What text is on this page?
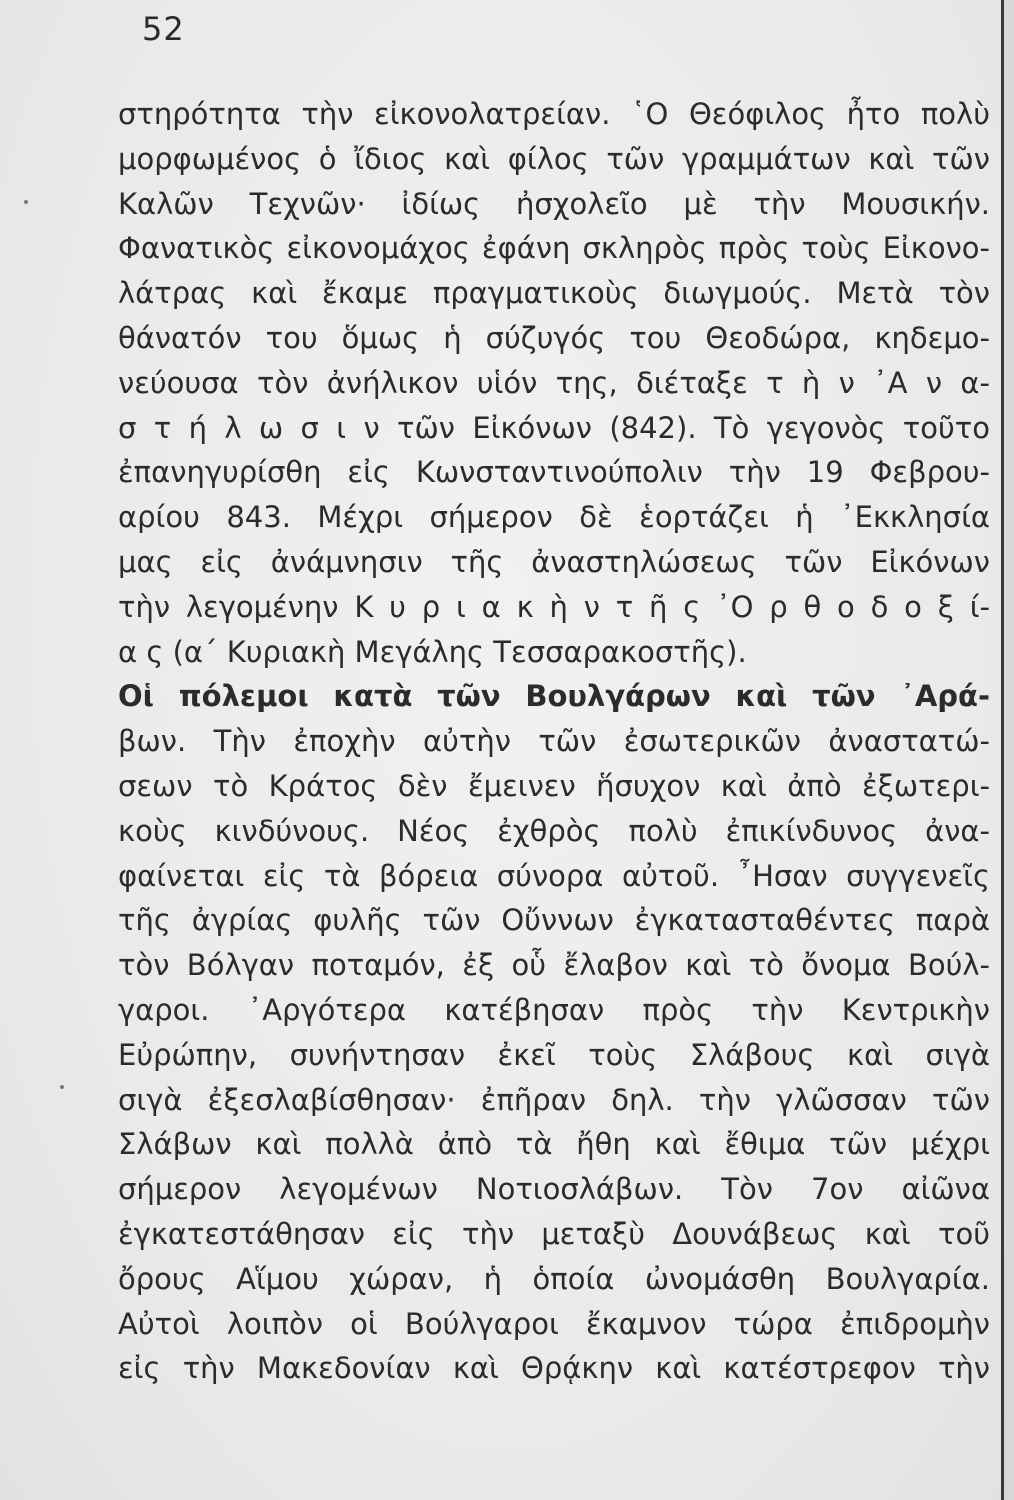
52
στηρότητα τὴν εἰκονολατρείαν. ῾Ο Θεόφιλος ἦτο πολὺ
μορφωμένος ὁ ἴδιος καὶ φίλος τῶν γραμμάτων καὶ τῶν
Καλῶν Τεχνῶν· ἰδίως ἠσχολεῖο μὲ τὴν Μουσικήν.
Φανατικὸς εἰκονομάχος ἐφάνη σκληρὸς πρὸς τοὺς Εἰκονο-
λάτρας καὶ ἔκαμε πραγματικοὺς διωγμούς. Μετὰ τὸν
θάνατόν του ὅμως ἡ σύζυγός του Θεοδώρα, κηδεμο-
νεύουσα τὸν ἀνήλικον υἱόν της, διέταξε τ ὴ ν ᾿Α ν α-
σ τ ή λ ω σ ι ν τῶν Εἰκόνων (842). Τὸ γεγονὸς τοῦτο
ἐπανηγυρίσθη εἰς Κωνσταντινούπολιν τὴν 19 Φεβρου-
αρίου 843. Μέχρι σήμερον δὲ ἑορτάζει ἡ ᾿Εκκλησία
μας εἰς ἀνάμνησιν τῆς ἀναστηλώσεως τῶν Εἰκόνων
τὴν λεγομένην Κ υ ρ ι α κ ὴ ν τ ῆ ς ᾿Ο ρ θ ο δ ο ξ ί-
α ς (α΄ Κυριακὴ Μεγάλης Τεσσαρακοστῆς).
Οἱ πόλεμοι κατὰ τῶν Βουλγάρων καὶ τῶν ᾿Αρά-
βων. Τὴν ἐποχὴν αὐτὴν τῶν ἐσωτερικῶν ἀναστατώ-
σεων τὸ Κράτος δὲν ἔμεινεν ἥσυχον καὶ ἀπὸ ἐξωτερι-
κοὺς κινδύνους. Νέος ἐχθρὸς πολὺ ἐπικίνδυνος ἀνα-
φαίνεται εἰς τὰ βόρεια σύνορα αὐτοῦ. ῏Ησαν συγγενεῖς
τῆς ἀγρίας φυλῆς τῶν Οὔννων ἐγκατασταθέντες παρὰ
τὸν Βόλγαν ποταμόν, ἐξ οὗ ἔλαβον καὶ τὸ ὄνομα Βούλ-
γαροι. ᾿Αργότερα κατέβησαν πρὸς τὴν Κεντρικὴν
Εὐρώπην, συνήντησαν ἐκεῖ τοὺς Σλάβους καὶ σιγὰ
σιγὰ ἐξεσλαβίσθησαν· ἐπῆραν δηλ. τὴν γλῶσσαν τῶν
Σλάβων καὶ πολλὰ ἀπὸ τὰ ἤθη καὶ ἔθιμα τῶν μέχρι
σήμερον λεγομένων Νοτιοσλάβων. Τὸν 7ον αἰῶνα
ἐγκατεστάθησαν εἰς τὴν μεταξὺ Δουνάβεως καὶ τοῦ
ὄρους Αἵμου χώραν, ἡ ὁποία ὠνομάσθη Βουλγαρία.
Αὐτοὶ λοιπὸν οἱ Βούλγαροι ἔκαμνον τώρα ἐπιδρομὴν
εἰς τὴν Μακεδονίαν καὶ Θρᾴκην καὶ κατέστρεφον τὴν
